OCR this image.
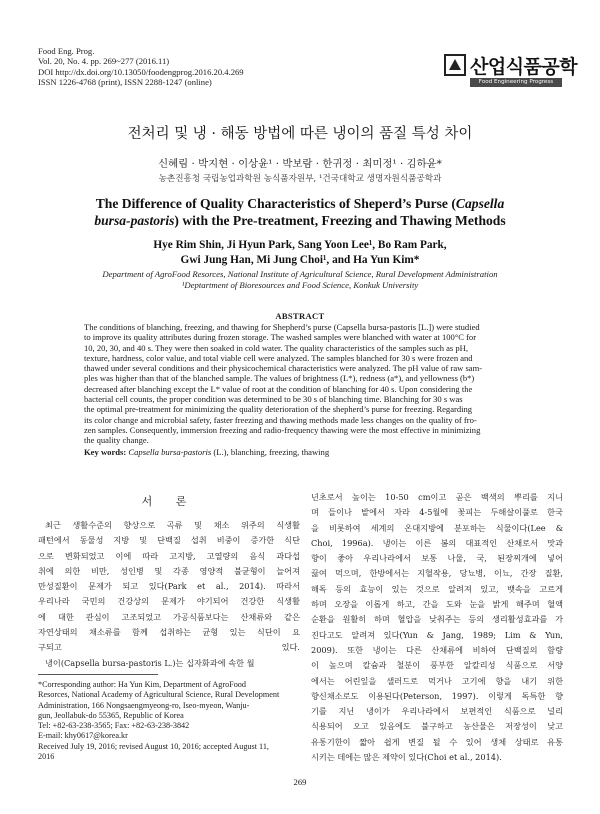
Food Eng. Prog.
Vol. 20, No. 4. pp. 269~277 (2016.11)
DOI http://dx.doi.org/10.13050/foodengprog.2016.20.4.269
ISSN 1226-4768 (print), ISSN 2288-1247 (online)
산업식품공학
Food Engineering Progress
전처리 및 냉 · 해동 방법에 따른 냉이의 품질 특성 차이
신혜림 · 박지현 · 이상윤¹ · 박보람 · 한귀정 · 최미정¹ · 김하윤*
농촌진흥청 국립농업과학원 농식품자원부, ¹건국대학교 생명자원식품공학과
The Difference of Quality Characteristics of Sheperd’s Purse (Capsella
bursa-pastoris) with the Pre-treatment, Freezing and Thawing Methods
Hye Rim Shin, Ji Hyun Park, Sang Yoon Lee¹, Bo Ram Park,
Gwi Jung Han, Mi Jung Choi¹, and Ha Yun Kim*
Department of AgroFood Resorces, National Institute of Agricultural Science, Rural Development Administration
¹Deptartment of Bioresources and Food Science, Konkuk University
ABSTRACT
The conditions of blanching, freezing, and thawing for Shepherd’s purse (Capsella bursa-pastoris [L.]) were studied
to improve its quality attributes during frozen storage. The washed samples were blanched with water at 100°C for
10, 20, 30, and 40 s. They were then soaked in cold water. The quality characteristics of the samples such as pH,
texture, hardness, color value, and total viable cell were analyzed. The samples blanched for 30 s were frozen and
thawed under several conditions and their physicochemical characteristics were analyzed. The pH value of raw sam-
ples was higher than that of the blanched sample. The values of brightness (L*), redness (a*), and yellowness (b*)
decreased after blanching except the L* value of root at the condition of blanching for 40 s. Upon considering the
bacterial cell counts, the proper condition was determined to be 30 s of blanching time. Blanching for 30 s was
the optimal pre-treatment for minimizing the quality deterioration of the shepherd’s purse for freezing. Regarding
its color change and microbial safety, faster freezing and thawing methods made less changes on the quality of fro-
zen samples. Consequently, immersion freezing and radio-frequency thawing were the most effective in minimizing
the quality change.
Key words: Capsella bursa-pastoris (L.), blanching, freezing, thawing
서 론
최근 생활수준의 향상으로 곡류 및 채소 위주의 식생활
패턴에서 동물성 지방 및 단백질 섭취 비중이 증가한 식단
으로 변화되었고 이에 따라 고지방, 고열량의 음식 과다섭
취에 의한 비만, 성인병 및 각종 영양적 불균형이 늘어져
만성질환이 문제가 되고 있다(Park et al., 2014). 따라서
우리나라 국민의 건강상의 문제가 야기되어 건강한 식생활
에 대한 관심이 고조되었고 가공식품보다는 산채류와 같은
자연상태의 채소류를 함께 섭취하는 균형 있는 식단이 요
구되고 있다.
냉이(Capsella bursa-pastoris L.)는 십자화과에 속한 월
년초로서 높이는 10-50 cm이고 곧은 백색의 뿌리를 지니
며 들이나 밭에서 자라 4-5월에 꽃피는 두해살이풀로 한국
을 비롯하여 세계의 온대지방에 분포하는 식물이다(Lee &
Choi, 1996a). 냉이는 이른 봄의 대표적인 산채로서 맛과
향이 좋아 우리나라에서 보통 나물, 국, 된장찌개에 넣어
끓여 먹으며, 한방에서는 지혈작용, 당뇨병, 이뇨, 간장 질환,
해독 등의 효능이 있는 것으로 알려져 있고, 뱃속을 고르게
하며 오장을 이롭게 하고, 간을 도와 눈을 밝게 해주며 혈액
순환을 원활히 하며 혈압을 낮춰주는 등의 생리활성효과를 가
진다고도 알려져 있다(Yun & Jang, 1989; Lim & Yun,
2009). 또한 냉이는 다른 산채류에 비하여 단백질의 함량
이 높으며 칼슘과 철분이 풍부한 알칼리성 식품으로 서양
에서는 어린잎을 샐러드로 먹거나 고기에 향을 내기 위한
향신채소로도 이용된다(Peterson, 1997). 이렇게 독특한 향
기를 지닌 냉이가 우리나라에서 보편적인 식품으로 널리
식용되어 오고 있음에도 불구하고 농산물은 저장성이 낮고
유통기한이 짧아 쉽게 변질 될 수 있어 생체 상태로 유통
시키는 데에는 많은 제약이 있다(Choi et al., 2014).
*Corresponding author: Ha Yun Kim, Department of AgroFood
Resorces, National Academy of Agricultural Science, Rural Development
Administration, 166 Nongsaengmyeong-ro, Iseo-myeon, Wanju-
gun, Jeollabuk-do 55365, Republic of Korea
Tel: +82-63-238-3565; Fax: +82-63-238-3842
E-mail: khy0617@korea.kr
Received July 19, 2016; revised August 10, 2016; accepted August 11,
2016
269
